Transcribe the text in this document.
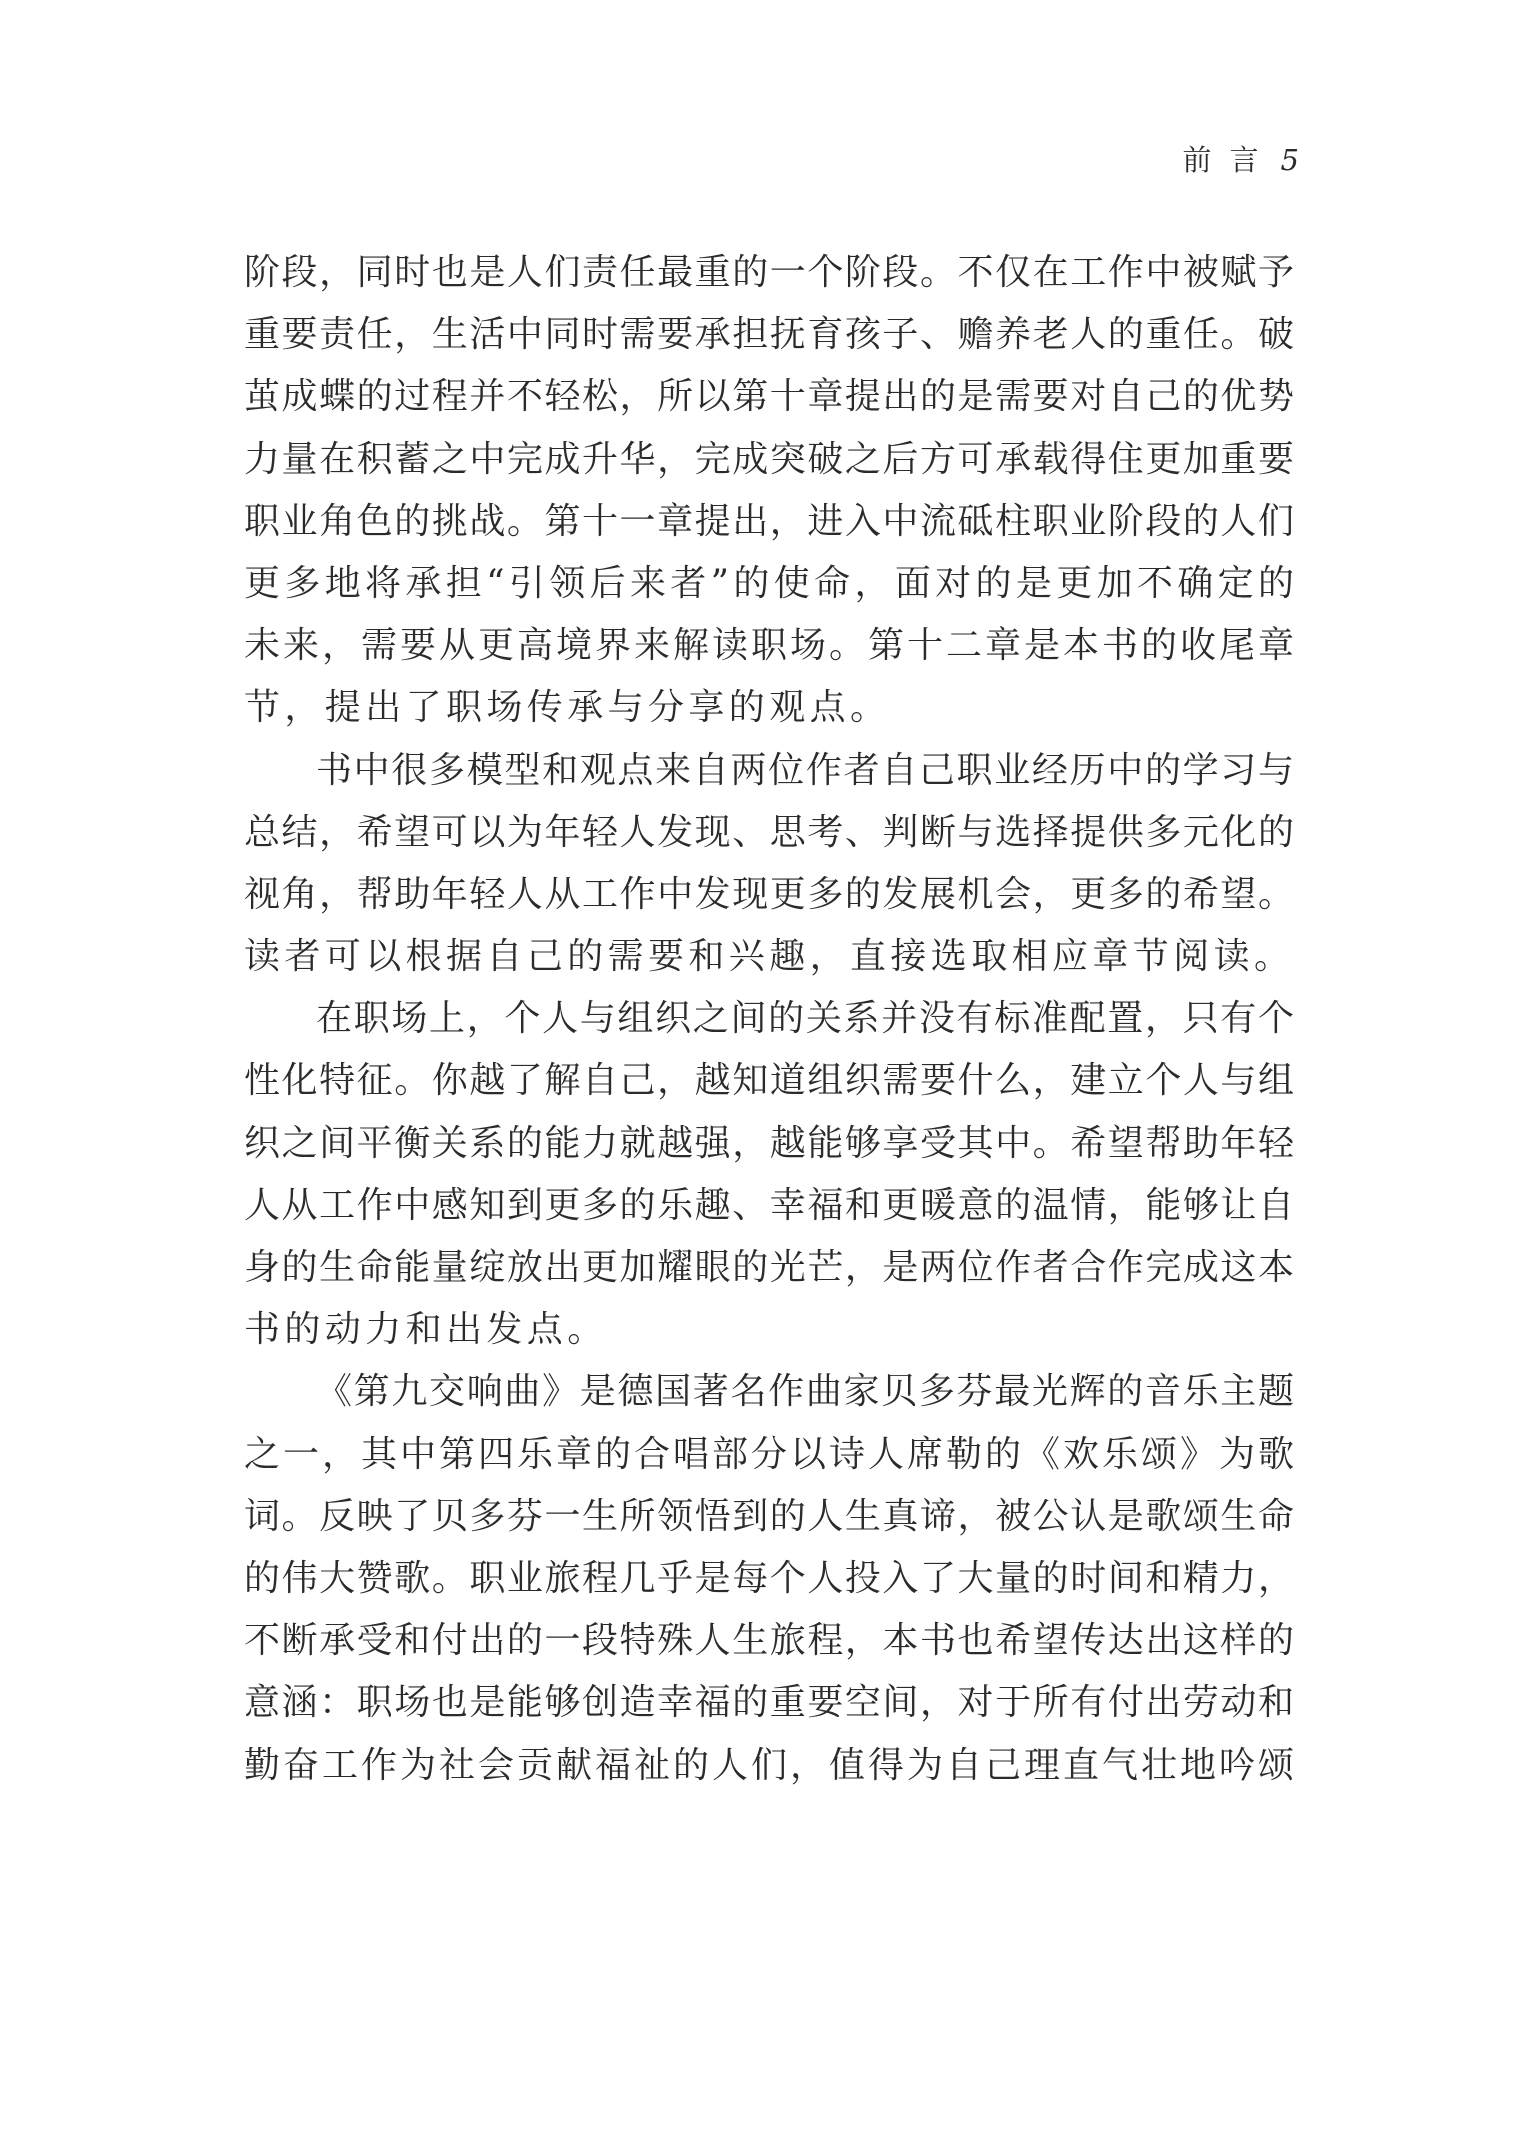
前言 5
阶段，同时也是人们责任最重的一个阶段。不仅在工作中被赋予
重要责任，生活中同时需要承担抚育孩子、赡养老人的重任。破
茧成蝶的过程并不轻松，所以第十章提出的是需要对自己的优势
力量在积蓄之中完成升华，完成突破之后方可承载得住更加重要
职业角色的挑战。第十一章提出，进入中流砥柱职业阶段的人们
更多地将承担“引领后来者”的使命，面对的是更加不确定的
未来，需要从更高境界来解读职场。第十二章是本书的收尾章
节，提出了职场传承与分享的观点。
书中很多模型和观点来自两位作者自己职业经历中的学习与
总结，希望可以为年轻人发现、思考、判断与选择提供多元化的
视角，帮助年轻人从工作中发现更多的发展机会，更多的希望。
读者可以根据自己的需要和兴趣，直接选取相应章节阅读。
在职场上，个人与组织之间的关系并没有标准配置，只有个
性化特征。你越了解自己，越知道组织需要什么，建立个人与组
织之间平衡关系的能力就越强，越能够享受其中。希望帮助年轻
人从工作中感知到更多的乐趣、幸福和更暖意的温情，能够让自
身的生命能量绽放出更加耀眼的光芒，是两位作者合作完成这本
书的动力和出发点。
《第九交响曲》是德国著名作曲家贝多芬最光辉的音乐主题
之一，其中第四乐章的合唱部分以诗人席勒的《欢乐颂》为歌
词。反映了贝多芬一生所领悟到的人生真谛，被公认是歌颂生命
的伟大赞歌。职业旅程几乎是每个人投入了大量的时间和精力，
不断承受和付出的一段特殊人生旅程，本书也希望传达出这样的
意涵：职场也是能够创造幸福的重要空间，对于所有付出劳动和
勤奋工作为社会贡献福祉的人们，值得为自己理直气壮地吟颂
